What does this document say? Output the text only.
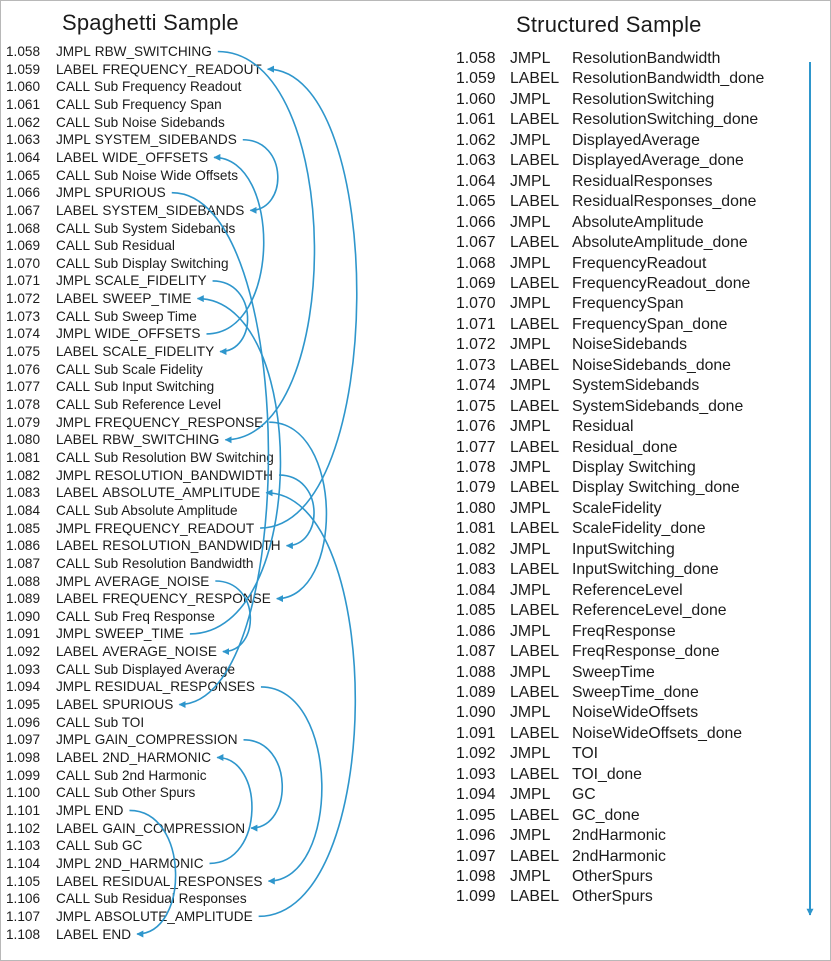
Spaghetti Sample	Structured Sample
1.058	JMPL RBW_SWITCHING
1.059	LABEL FREQUENCY_READOUT
1.060	CALL Sub Frequency Readout
1.061	CALL Sub Frequency Span
1.062	CALL Sub Noise Sidebands
1.063	JMPL SYSTEM_SIDEBANDS
1.064	LABEL WIDE_OFFSETS
1.065	CALL Sub Noise Wide Offsets
1.066	JMPL SPURIOUS
1.067	LABEL SYSTEM_SIDEBANDS
1.068	CALL Sub System Sidebands
1.069	CALL Sub Residual
1.070	CALL Sub Display Switching
1.071	JMPL SCALE_FIDELITY
1.072	LABEL SWEEP_TIME
1.073	CALL Sub Sweep Time
1.074	JMPL WIDE_OFFSETS
1.075	LABEL SCALE_FIDELITY
1.076	CALL Sub Scale Fidelity
1.077	CALL Sub Input Switching
1.078	CALL Sub Reference Level
1.079	JMPL FREQUENCY_RESPONSE
1.080	LABEL RBW_SWITCHING
1.081	CALL Sub Resolution BW Switching
1.082	JMPL RESOLUTION_BANDWIDTH
1.083	LABEL ABSOLUTE_AMPLITUDE
1.084	CALL Sub Absolute Amplitude
1.085	JMPL FREQUENCY_READOUT
1.086	LABEL RESOLUTION_BANDWIDTH
1.087	CALL Sub Resolution Bandwidth
1.088	JMPL AVERAGE_NOISE
1.089	LABEL FREQUENCY_RESPONSE
1.090	CALL Sub Freq Response
1.091	JMPL SWEEP_TIME
1.092	LABEL AVERAGE_NOISE
1.093	CALL Sub Displayed Average
1.094	JMPL RESIDUAL_RESPONSES
1.095	LABEL SPURIOUS
1.096	CALL Sub TOI
1.097	JMPL GAIN_COMPRESSION
1.098	LABEL 2ND_HARMONIC
1.099	CALL Sub 2nd Harmonic
1.100	CALL Sub Other Spurs
1.101	JMPL END
1.102	LABEL GAIN_COMPRESSION
1.103	CALL Sub GC
1.104	JMPL 2ND_HARMONIC
1.105	LABEL RESIDUAL_RESPONSES
1.106	CALL Sub Residual Responses
1.107	JMPL ABSOLUTE_AMPLITUDE
1.108	LABEL END
1.058 JMPL	ResolutionBandwidth
1.059 LABEL ResolutionBandwidth_done
1.060 JMPL	ResolutionSwitching
1.061 LABEL ResolutionSwitching_done
1.062 JMPL	DisplayedAverage
1.063 LABEL DisplayedAverage_done
1.064 JMPL	ResidualResponses
1.065 LABEL ResidualResponses_done
1.066 JMPL	AbsoluteAmplitude
1.067 LABEL AbsoluteAmplitude_done
1.068 JMPL	FrequencyReadout
1.069 LABEL FrequencyReadout_done
1.070 JMPL	FrequencySpan
1.071 LABEL FrequencySpan_done
1.072 JMPL	NoiseSidebands
1.073 LABEL NoiseSidebands_done
1.074 JMPL	SystemSidebands
1.075 LABEL SystemSidebands_done
1.076 JMPL	Residual
1.077 LABEL Residual_done
1.078 JMPL	Display Switching
1.079 LABEL Display Switching_done
1.080 JMPL	ScaleFidelity
1.081 LABEL ScaleFidelity_done
1.082 JMPL	InputSwitching
1.083 LABEL InputSwitching_done
1.084 JMPL	ReferenceLevel
1.085 LABEL ReferenceLevel_done
1.086 JMPL	FreqResponse
1.087 LABEL FreqResponse_done
1.088 JMPL	SweepTime
1.089 LABEL SweepTime_done
1.090 JMPL	NoiseWideOffsets
1.091 LABEL NoiseWideOffsets_done
1.092 JMPL	TOI
1.093 LABEL TOI_done
1.094 JMPL	GC
1.095 LABEL GC_done
1.096 JMPL	2ndHarmonic
1.097 LABEL 2ndHarmonic
1.098 JMPL	OtherSpurs
1.099 LABEL OtherSpurs
